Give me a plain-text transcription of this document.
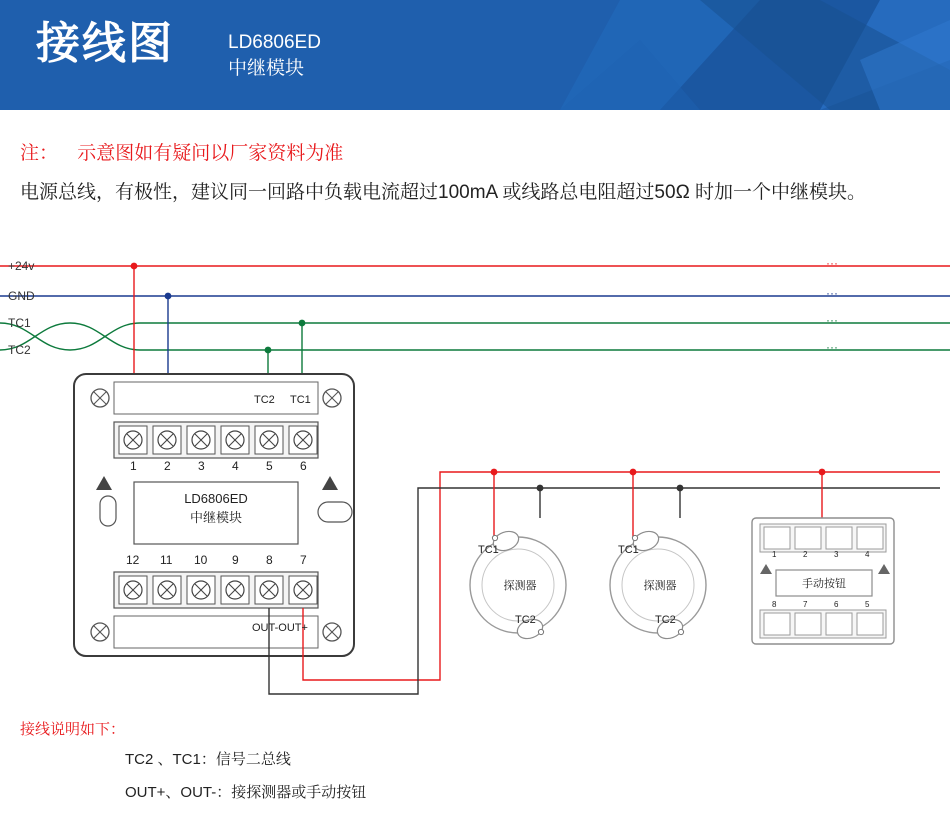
接线图	LD6806ED
中继模块
注： 示意图如有疑问以厂家资料为准
电源总线，有极性，建议同一回路中负载电流超过100mA 或线路总电阻超过50Ω 时加一个中继模块。
+24v
GND
TC1
TC2
···
···
···
···
TC2 TC1
1 2 3 4 5 6
LD6806ED
中继模块
12 11 10 9 8 7
OUT-OUT+
TC1
探测器
TC2
TC1
探测器
TC2
1	2	3	4
手动按钮
8	7	6	5
接线说明如下：
TC2 、TC1：信号二总线
OUT+、OUT-：接探测器或手动按钮
